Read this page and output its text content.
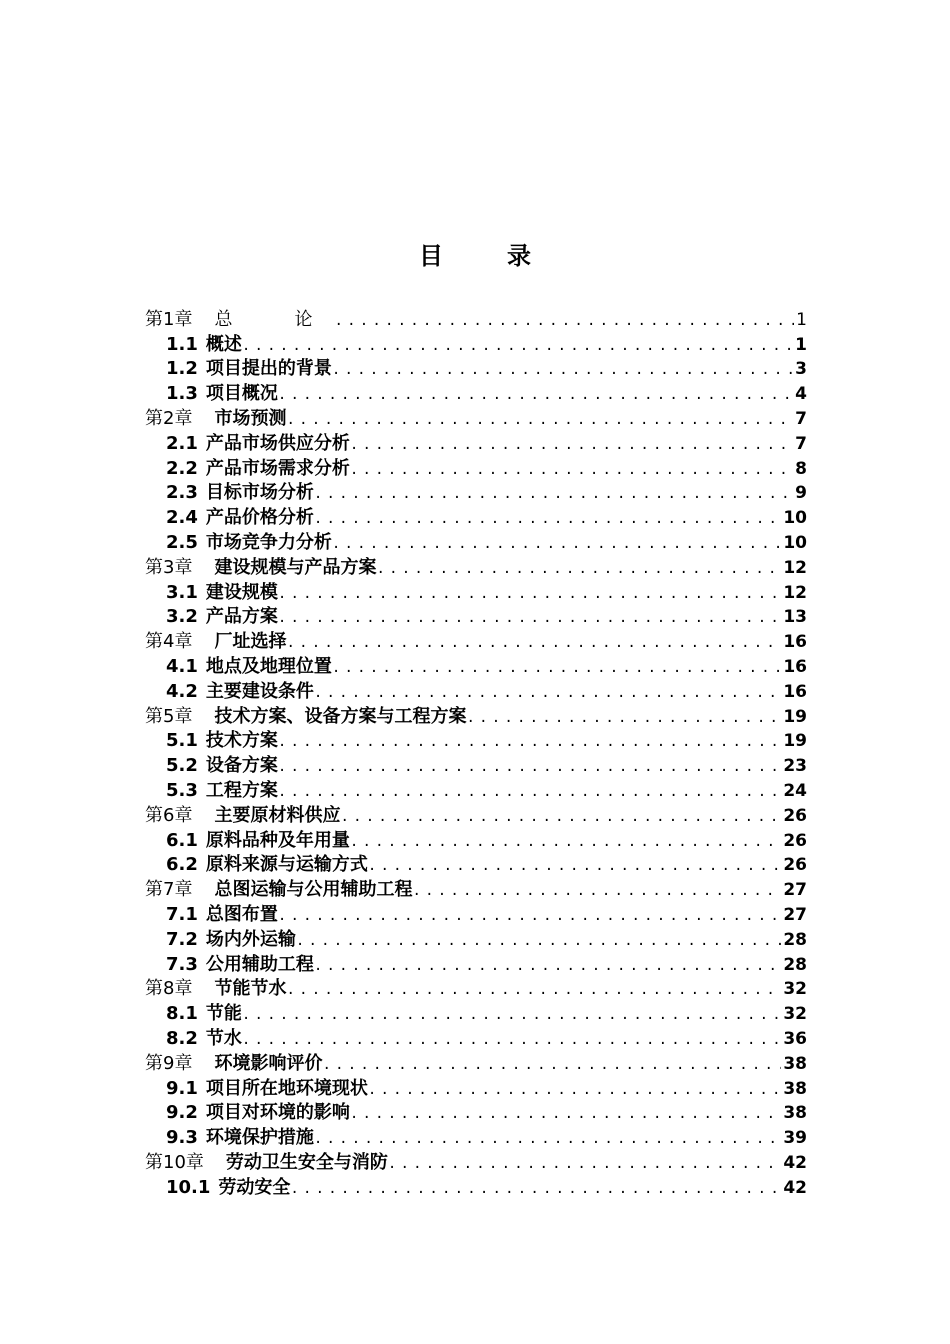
目　录
第1章 总　论 .....	1
1.1 概述 .....	1
1.2 项目提出的背景 .....	3
1.3 项目概况 .....	4
第2章 市场预测 .....	7
2.1 产品市场供应分析 .....	7
2.2 产品市场需求分析 .....	8
2.3 目标市场分析 .....	9
2.4 产品价格分析 .....	10
2.5 市场竞争力分析 .....	10
第3章 建设规模与产品方案 .....	12
3.1 建设规模 .....	12
3.2 产品方案 .....	13
第4章 厂址选择 .....	16
4.1 地点及地理位置 .....	16
4.2 主要建设条件 .....	16
第5章 技术方案、设备方案与工程方案 .....	19
5.1 技术方案 .....	19
5.2 设备方案 .....	23
5.3 工程方案 .....	24
第6章 主要原材料供应 .....	26
6.1 原料品种及年用量 .....	26
6.2 原料来源与运输方式 .....	26
第7章 总图运输与公用辅助工程 .....	27
7.1 总图布置 .....	27
7.2 场内外运输 .....	28
7.3 公用辅助工程 .....	28
第8章 节能节水 .....	32
8.1 节能 .....	32
8.2 节水 .....	36
第9章 环境影响评价 .....	38
9.1 项目所在地环境现状 .....	38
9.2 项目对环境的影响 .....	38
9.3 环境保护措施 .....	39
第10章 劳动卫生安全与消防 .....	42
10.1 劳动安全 .....	42
